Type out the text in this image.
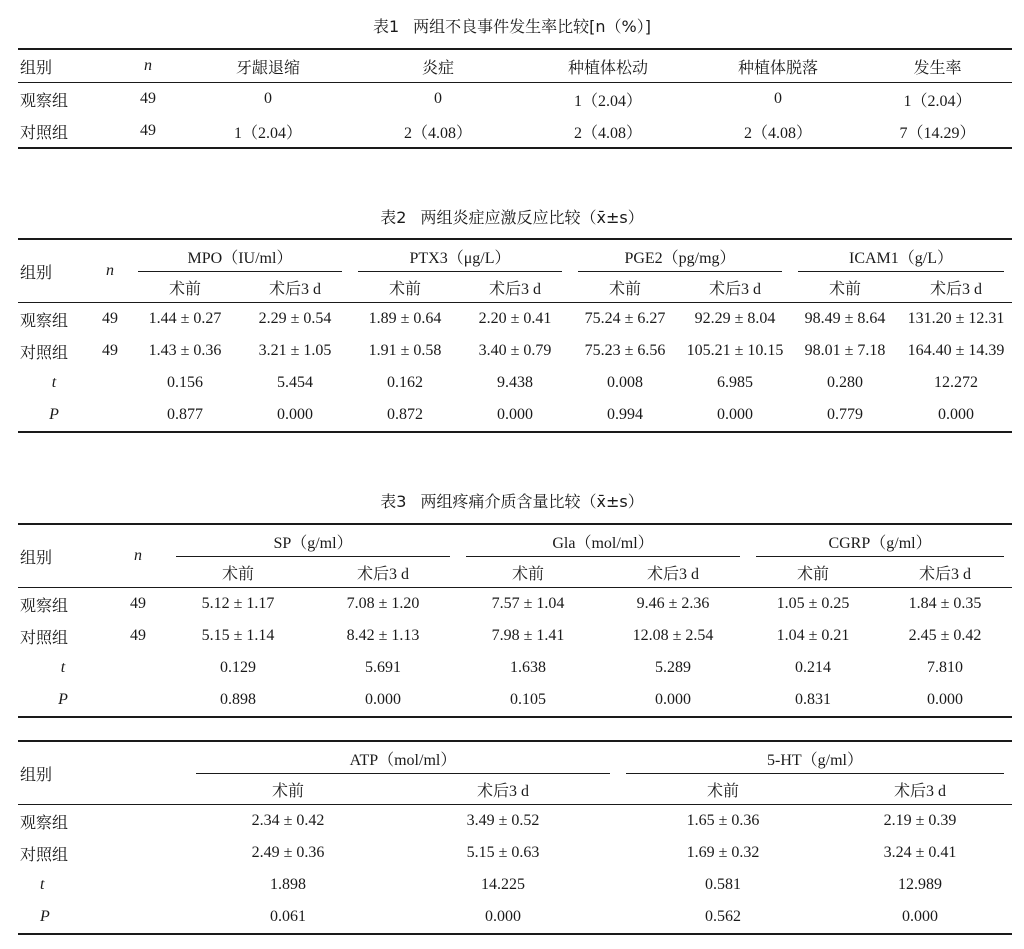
表1 两组不良事件发生率比较[n（%）]
组别	n	牙龈退缩	炎症	种植体松动	种植体脱落	发生率
观察组	49	0	0	1（2.04）	0	1（2.04）
对照组	49	1（2.04）	2（4.08）	2（4.08）	2（4.08）	7（14.29）
表2 两组炎症应激反应比较（x̄±s）
组别	n	MPO（IU/ml）		PTX3（μg/L）		PGE2（pg/mg）		ICAM1（g/L）	
		术前	术后3 d	术前	术后3 d	术前	术后3 d	术前	术后3 d
观察组	49	1.44 ± 0.27	2.29 ± 0.54	1.89 ± 0.64	2.20 ± 0.41	75.24 ± 6.27	92.29 ± 8.04	98.49 ± 8.64	131.20 ± 12.31
对照组	49	1.43 ± 0.36	3.21 ± 1.05	1.91 ± 0.58	3.40 ± 0.79	75.23 ± 6.56	105.21 ± 10.15	98.01 ± 7.18	164.40 ± 14.39
t		0.156	5.454	0.162	9.438	0.008	6.985	0.280	12.272
P		0.877	0.000	0.872	0.000	0.994	0.000	0.779	0.000
表3 两组疼痛介质含量比较（x̄±s）
组别	n	SP（g/ml）		Gla（mol/ml）		CGRP（g/ml）	
		术前	术后3 d	术前	术后3 d	术前	术后3 d
观察组	49	5.12 ± 1.17	7.08 ± 1.20	7.57 ± 1.04	9.46 ± 2.36	1.05 ± 0.25	1.84 ± 0.35
对照组	49	5.15 ± 1.14	8.42 ± 1.13	7.98 ± 1.41	12.08 ± 2.54	1.04 ± 0.21	2.45 ± 0.42
t		0.129	5.691	1.638	5.289	0.214	7.810
P		0.898	0.000	0.105	0.000	0.831	0.000
组别	ATP（mol/ml）		5-HT（g/ml）	
	术前	术后3 d	术前	术后3 d
观察组	2.34 ± 0.42	3.49 ± 0.52	1.65 ± 0.36	2.19 ± 0.39
对照组	2.49 ± 0.36	5.15 ± 0.63	1.69 ± 0.32	3.24 ± 0.41
t	1.898	14.225	0.581	12.989
P	0.061	0.000	0.562	0.000
